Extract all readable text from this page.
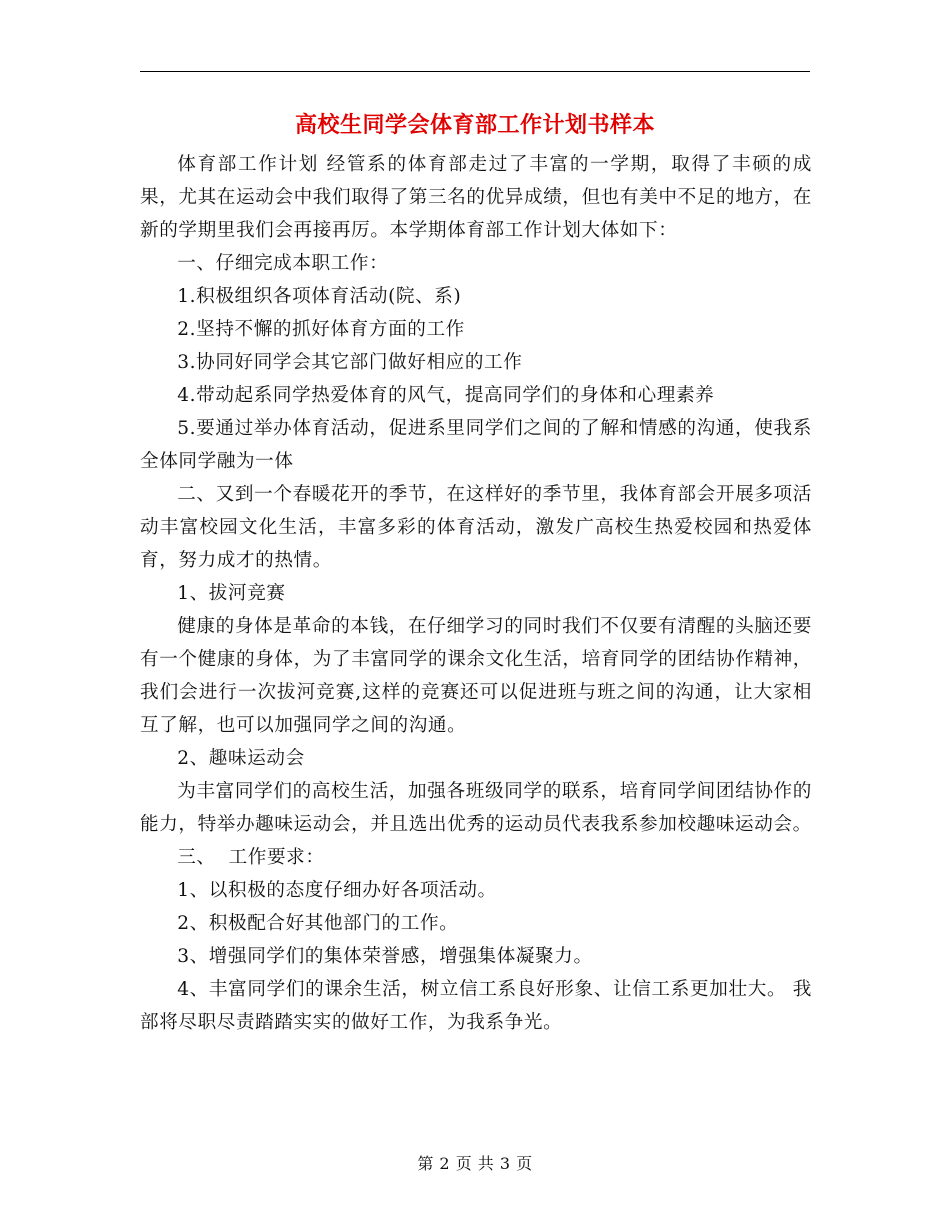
高校生同学会体育部工作计划书样本

体育部工作计划 经管系的体育部走过了丰富的一学期，取得了丰硕的成果，尤其在运动会中我们取得了第三名的优异成绩，但也有美中不足的地方，在新的学期里我们会再接再厉。本学期体育部工作计划大体如下：

一、仔细完成本职工作：

1.积极组织各项体育活动(院、系)

2.坚持不懈的抓好体育方面的工作

3.协同好同学会其它部门做好相应的工作

4.带动起系同学热爱体育的风气，提高同学们的身体和心理素养

5.要通过举办体育活动，促进系里同学们之间的了解和情感的沟通，使我系全体同学融为一体

二、又到一个春暖花开的季节，在这样好的季节里，我体育部会开展多项活动丰富校园文化生活，丰富多彩的体育活动，激发广高校生热爱校园和热爱体育，努力成才的热情。

1、拔河竞赛

健康的身体是革命的本钱，在仔细学习的同时我们不仅要有清醒的头脑还要有一个健康的身体，为了丰富同学的课余文化生活，培育同学的团结协作精神，我们会进行一次拔河竞赛,这样的竞赛还可以促进班与班之间的沟通，让大家相互了解，也可以加强同学之间的沟通。

2、趣味运动会

为丰富同学们的高校生活，加强各班级同学的联系，培育同学间团结协作的能力，特举办趣味运动会，并且选出优秀的运动员代表我系参加校趣味运动会。

三、  工作要求：

1、以积极的态度仔细办好各项活动。

2、积极配合好其他部门的工作。

3、增强同学们的集体荣誉感，增强集体凝聚力。

4、丰富同学们的课余生活，树立信工系良好形象、让信工系更加壮大。 我部将尽职尽责踏踏实实的做好工作，为我系争光。

第 2 页 共 3 页
